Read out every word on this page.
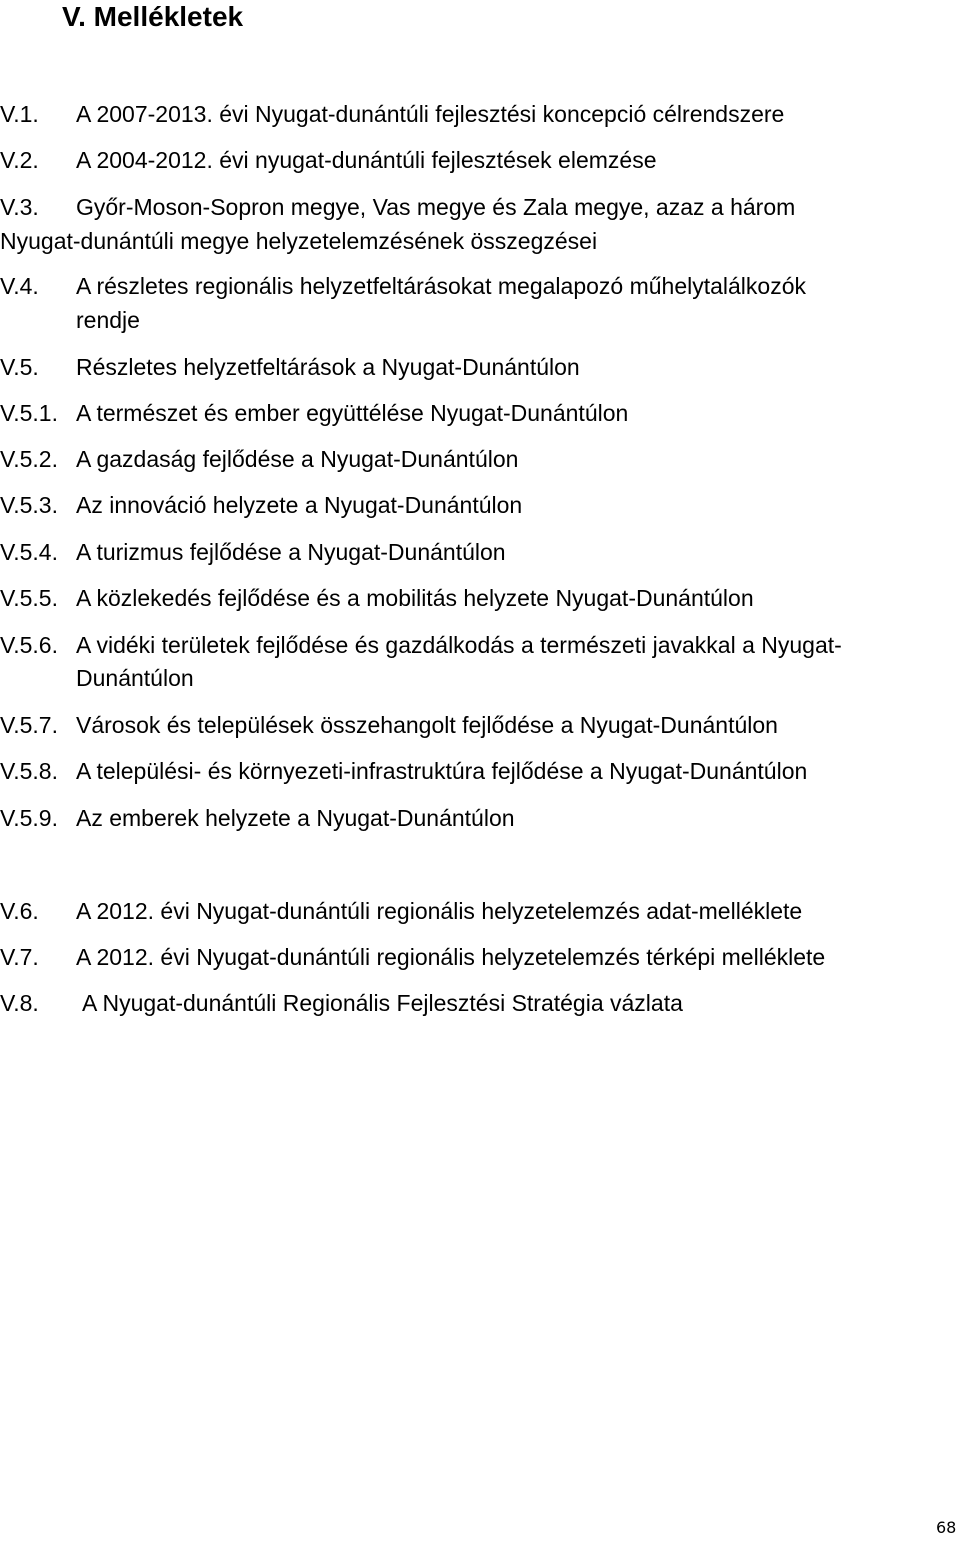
V. Mellékletek
V.1. A 2007-2013. évi Nyugat-dunántúli fejlesztési koncepció célrendszere
V.2. A 2004-2012. évi nyugat-dunántúli fejlesztések elemzése
V.3. Győr-Moson-Sopron megye, Vas megye és Zala megye, azaz a három
Nyugat-dunántúli megye helyzetelemzésének összegzései
V.4. A részletes regionális helyzetfeltárásokat megalapozó műhelytalálkozók
rendje
V.5. Részletes helyzetfeltárások a Nyugat-Dunántúlon
V.5.1. A természet és ember együttélése Nyugat-Dunántúlon
V.5.2. A gazdaság fejlődése a Nyugat-Dunántúlon
V.5.3. Az innováció helyzete a Nyugat-Dunántúlon
V.5.4. A turizmus fejlődése a Nyugat-Dunántúlon
V.5.5. A közlekedés fejlődése és a mobilitás helyzete Nyugat-Dunántúlon
V.5.6. A vidéki területek fejlődése és gazdálkodás a természeti javakkal a Nyugat-
Dunántúlon
V.5.7. Városok és települések összehangolt fejlődése a Nyugat-Dunántúlon
V.5.8. A települési- és környezeti-infrastruktúra fejlődése a Nyugat-Dunántúlon
V.5.9. Az emberek helyzete a Nyugat-Dunántúlon
V.6. A 2012. évi Nyugat-dunántúli regionális helyzetelemzés adat-melléklete
V.7. A 2012. évi Nyugat-dunántúli regionális helyzetelemzés térképi melléklete
V.8. A Nyugat-dunántúli Regionális Fejlesztési Stratégia vázlata
68
